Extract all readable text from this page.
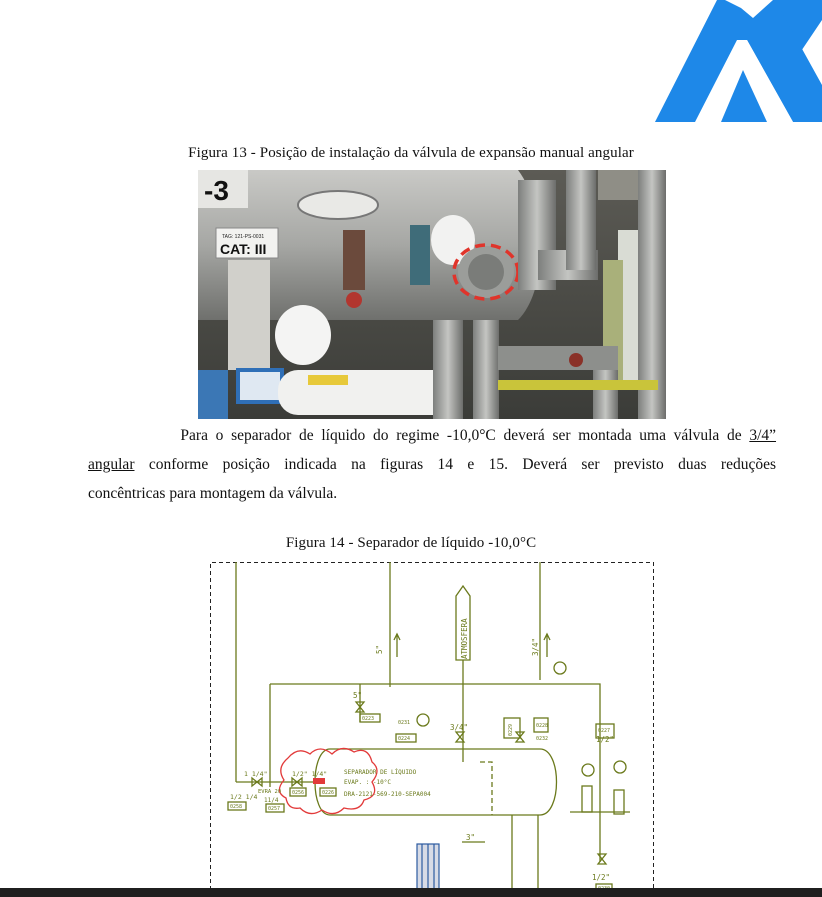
Figura 13 - Posição de instalação da válvula de expansão manual angular
-3
TAG: 121-PS-0031
CAT: III
Para o separador de líquido do regime -10,0°C deverá ser montada uma válvula de 3/4”
angular conforme posição indicada na figuras 14 e 15. Deverá ser previsto duas reduções
concêntricas para montagem da válvula.
Figura 14 - Separador de líquido -10,0°C
ATMOSFERA
5"	3/4"
5"
0223
0224
3/4"	0228
0229	0227
1/2"
1 1/4"
EVRA 20
1/2 1/4
0258
11/4
0257
0256	0226
1/2" 1/4"	SEPARADOR DE LÍQUIDO
EVAP. : -10°C
DRA-2121-569-210-SEPA004
3"
1/2"
0231
0232
